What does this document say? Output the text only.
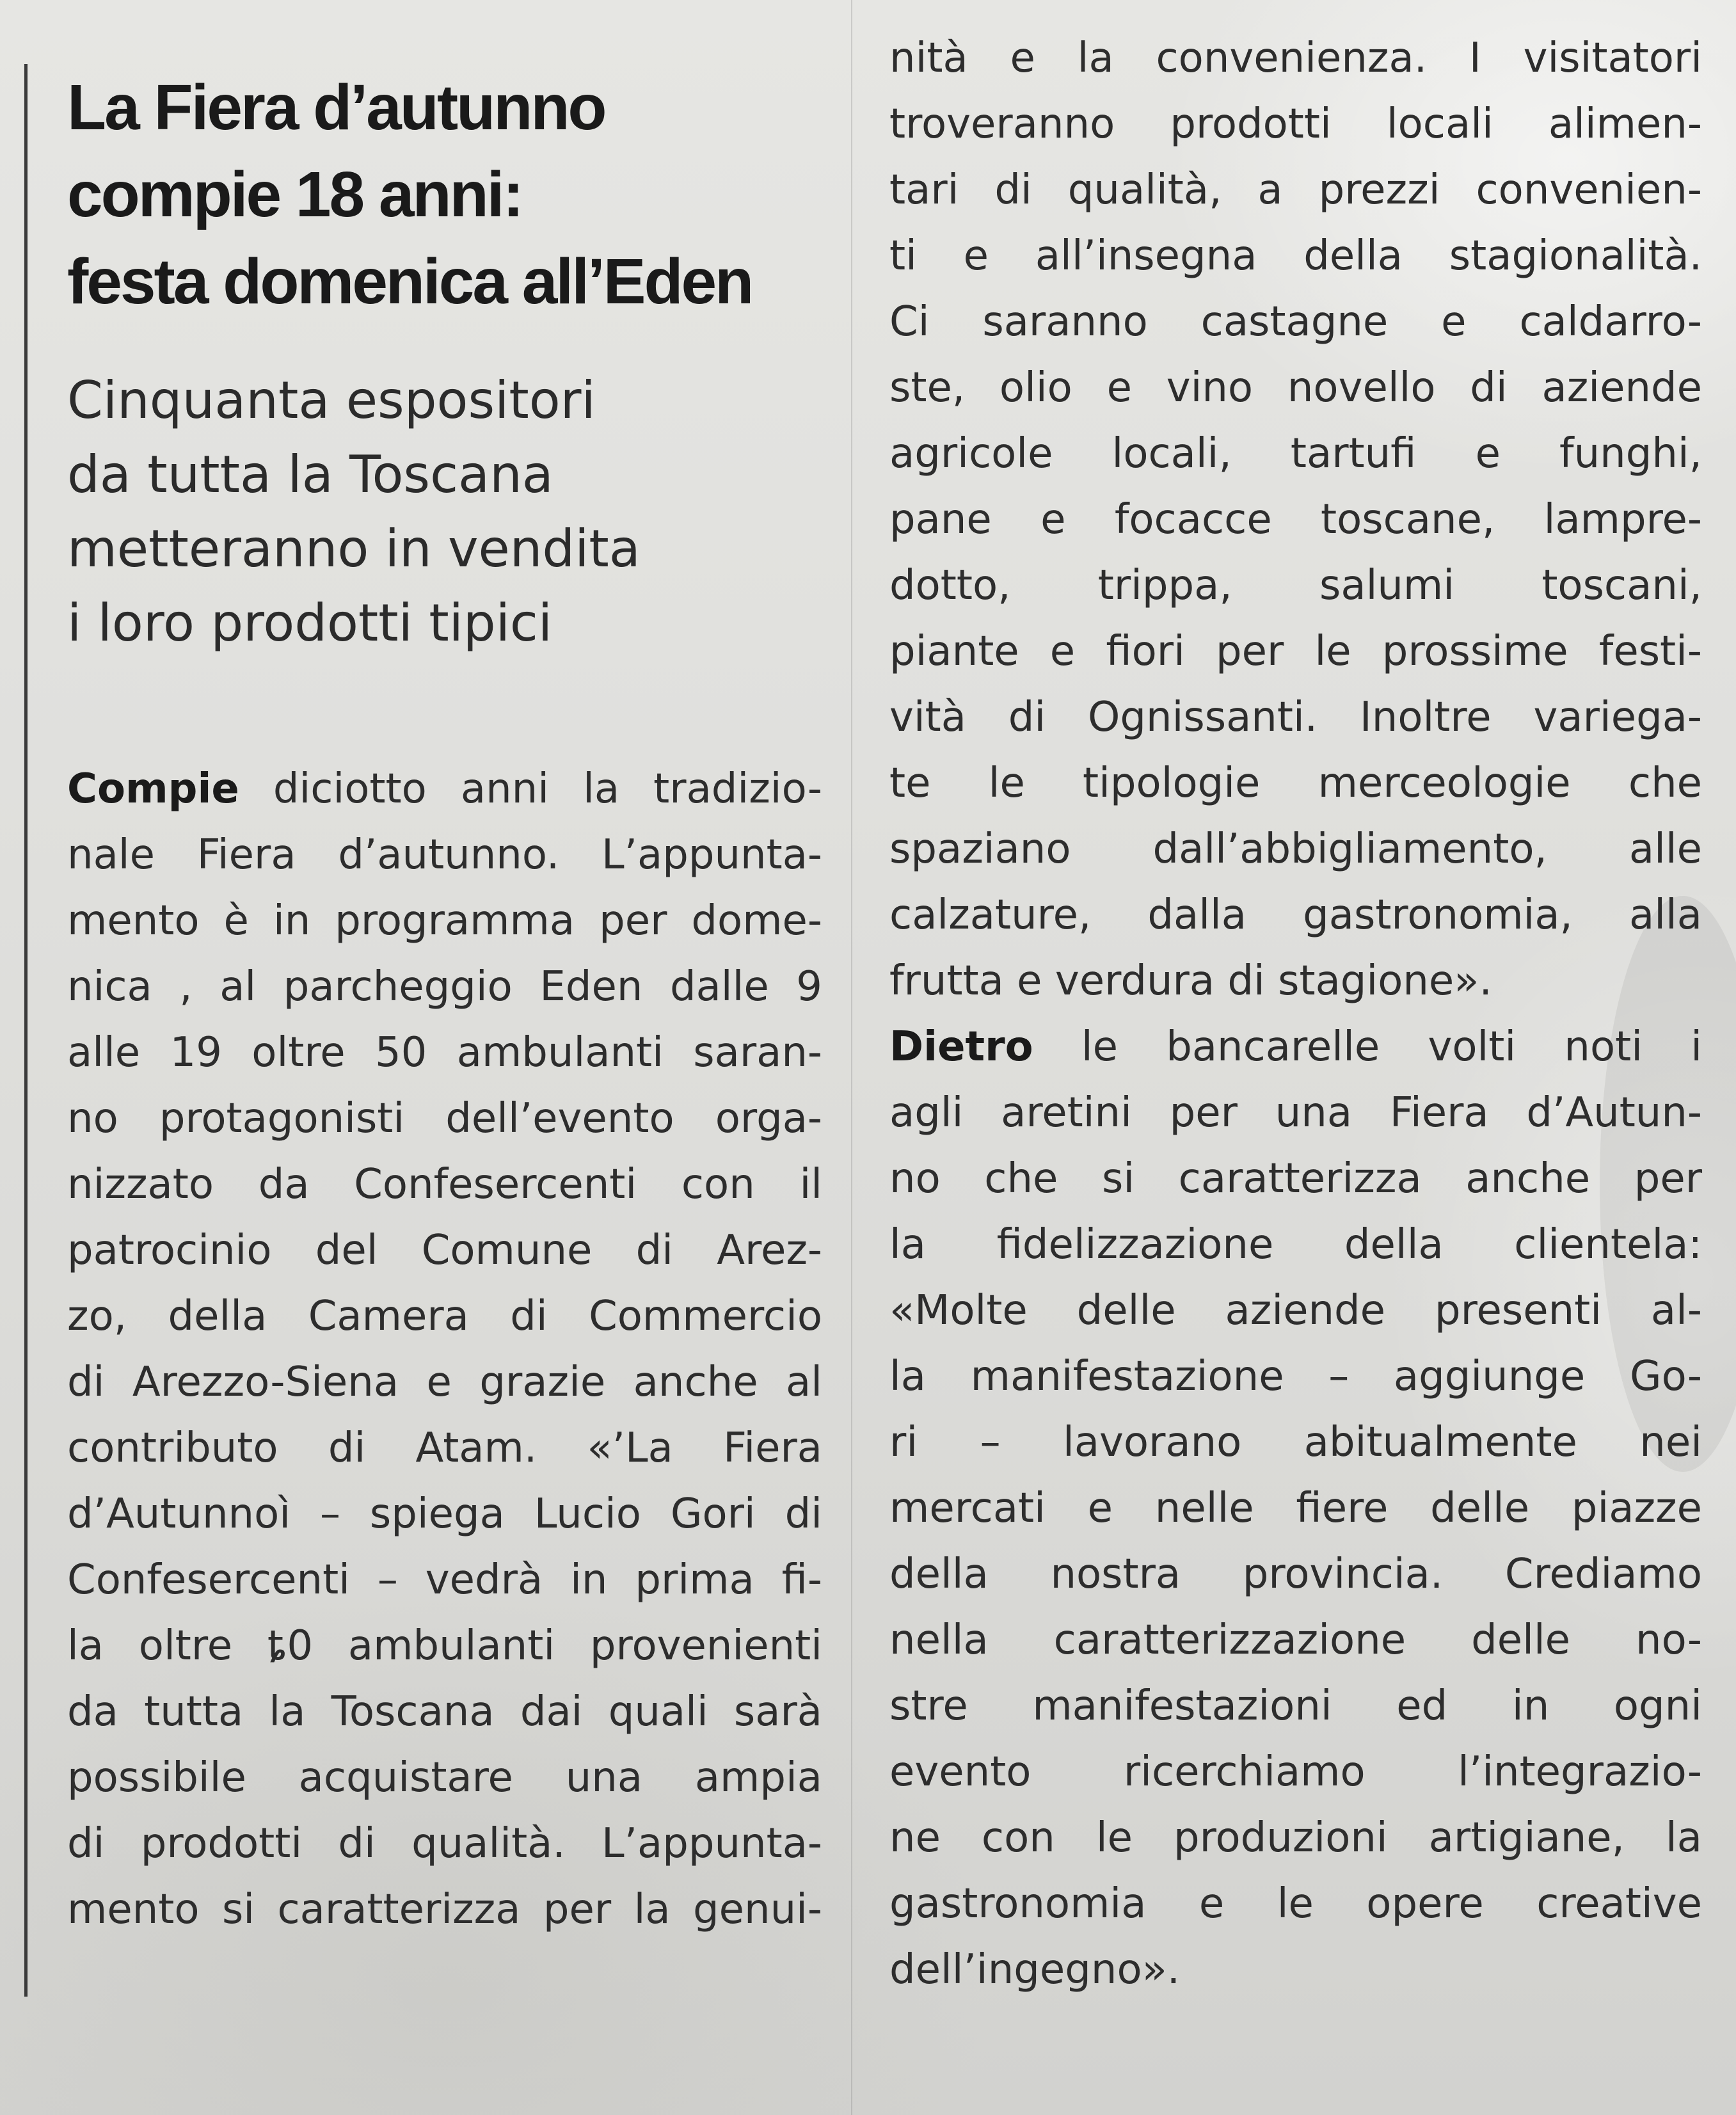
La Fiera d’autunno
compie 18 anni:
festa domenica all’Eden
Cinquanta espositori
da tutta la Toscana
metteranno in vendita
i loro prodotti tipici
Compie diciotto anni la tradizio-
nale Fiera d’autunno. L’appunta-
mento è in programma per dome-
nica , al parcheggio Eden dalle 9
alle 19 oltre 50 ambulanti saran-
no protagonisti dell’evento orga-
nizzato da Confesercenti con il
patrocinio del Comune di Arez-
zo, della Camera di Commercio
di Arezzo-Siena e grazie anche al
contributo di Atam. «’La Fiera
d’Autunnoì – spiega Lucio Gori di
Confesercenti – vedrà in prima fi-
la oltre ȶ0 ambulanti provenienti
da tutta la Toscana dai quali sarà
possibile acquistare una ampia
di prodotti di qualità. L’appunta-
mento si caratterizza per la genui-
nità e la convenienza. I visitatori
troveranno prodotti locali alimen-
tari di qualità, a prezzi convenien-
ti e all’insegna della stagionalità.
Ci saranno castagne e caldarro-
ste, olio e vino novello di aziende
agricole locali, tartufi e funghi,
pane e focacce toscane, lampre-
dotto, trippa, salumi toscani,
piante e fiori per le prossime festi-
vità di Ognissanti. Inoltre variega-
te le tipologie merceologie che
spaziano dall’abbigliamento, alle
calzature, dalla gastronomia, alla
frutta e verdura di stagione».
Dietro le bancarelle volti noti i
agli aretini per una Fiera d’Autun-
no che si caratterizza anche per
la fidelizzazione della clientela:
«Molte delle aziende presenti al-
la manifestazione – aggiunge Go-
ri – lavorano abitualmente nei
mercati e nelle fiere delle piazze
della nostra provincia. Crediamo
nella caratterizzazione delle no-
stre manifestazioni ed in ogni
evento ricerchiamo l’integrazio-
ne con le produzioni artigiane, la
gastronomia e le opere creative
dell’ingegno».
